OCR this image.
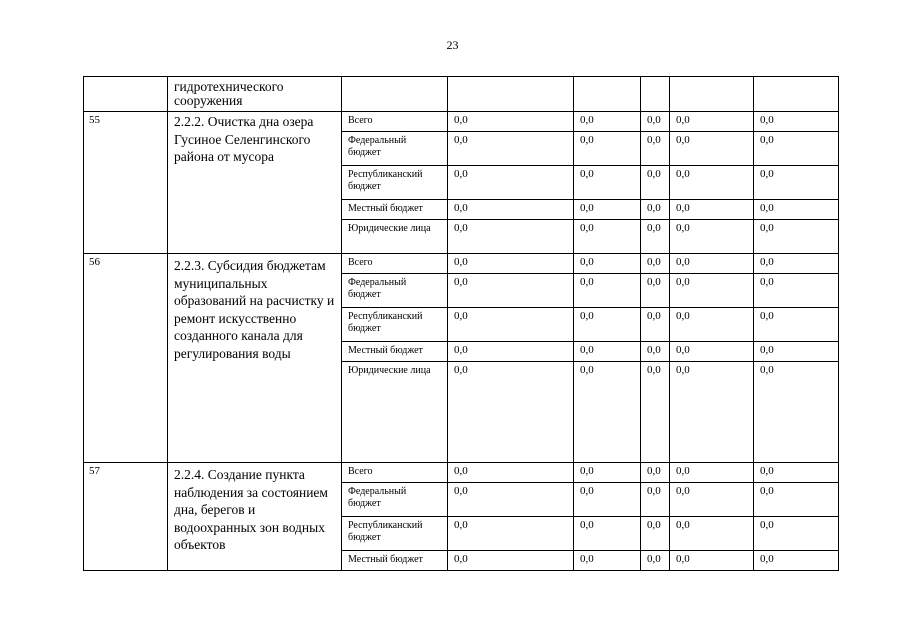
23
	гидротехнического сооружения						
55	2.2.2. Очистка дна озера Гусиное Селенгинского района от мусора	Всего	0,0	0,0	0,0	0,0	0,0
		Федеральный бюджет	0,0	0,0	0,0	0,0	0,0
		Республиканский бюджет	0,0	0,0	0,0	0,0	0,0
		Местный бюджет	0,0	0,0	0,0	0,0	0,0
		Юридические лица	0,0	0,0	0,0	0,0	0,0
56	2.2.3. Субсидия бюджетам муниципальных образований на расчистку и ремонт искусственно созданного канала для регулирования воды	Всего	0,0	0,0	0,0	0,0	0,0
		Федеральный бюджет	0,0	0,0	0,0	0,0	0,0
		Республиканский бюджет	0,0	0,0	0,0	0,0	0,0
		Местный бюджет	0,0	0,0	0,0	0,0	0,0
		Юридические лица	0,0	0,0	0,0	0,0	0,0
57	2.2.4. Создание пункта наблюдения за состоянием дна, берегов и водоохранных зон водных объектов	Всего	0,0	0,0	0,0	0,0	0,0
		Федеральный бюджет	0,0	0,0	0,0	0,0	0,0
		Республиканский бюджет	0,0	0,0	0,0	0,0	0,0
		Местный бюджет	0,0	0,0	0,0	0,0	0,0
